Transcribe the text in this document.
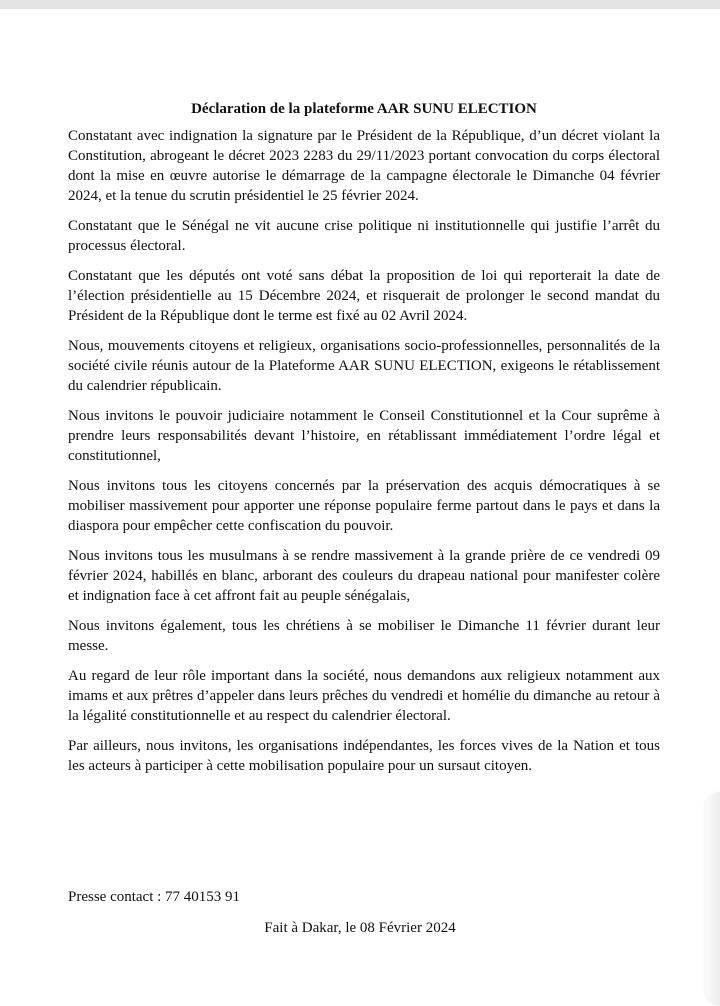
Déclaration de la plateforme AAR SUNU ELECTION

Constatant avec indignation la signature par le Président de la République, d’un décret violant la Constitution, abrogeant le décret 2023 2283 du 29/11/2023 portant convocation du corps électoral dont la mise en œuvre autorise le démarrage de la campagne électorale le Dimanche 04 février 2024, et la tenue du scrutin présidentiel le 25 février 2024.

Constatant que le Sénégal ne vit aucune crise politique ni institutionnelle qui justifie l’arrêt du processus électoral.

Constatant que les députés ont voté sans débat la proposition de loi qui reporterait la date de l’élection présidentielle au 15 Décembre 2024, et risquerait de prolonger le second mandat du Président de la République dont le terme est fixé au 02 Avril 2024.

Nous, mouvements citoyens et religieux, organisations socio-professionnelles, personnalités de la société civile réunis autour de la Plateforme AAR SUNU ELECTION, exigeons le rétablissement du calendrier républicain.

Nous invitons le pouvoir judiciaire notamment le Conseil Constitutionnel et la Cour suprême à prendre leurs responsabilités devant l’histoire, en rétablissant immédiatement l’ordre légal et constitutionnel,

Nous invitons tous les citoyens concernés par la préservation des acquis démocratiques à se mobiliser massivement pour apporter une réponse populaire ferme partout dans le pays et dans la diaspora pour empêcher cette confiscation du pouvoir.

Nous invitons tous les musulmans à se rendre massivement à la grande prière de ce vendredi 09 février 2024, habillés en blanc, arborant des couleurs du drapeau national pour manifester colère et indignation face à cet affront fait au peuple sénégalais,

Nous invitons également, tous les chrétiens à se mobiliser le Dimanche 11 février durant leur messe.

Au regard de leur rôle important dans la société, nous demandons aux religieux notamment aux imams et aux prêtres d’appeler dans leurs prêches du vendredi et homélie du dimanche au retour à la légalité constitutionnelle et au respect du calendrier électoral.

Par ailleurs, nous invitons, les organisations indépendantes, les forces vives de la Nation et tous les acteurs à participer à cette mobilisation populaire pour un sursaut citoyen.

Presse contact : 77 40153 91
Fait à Dakar, le 08 Février 2024
